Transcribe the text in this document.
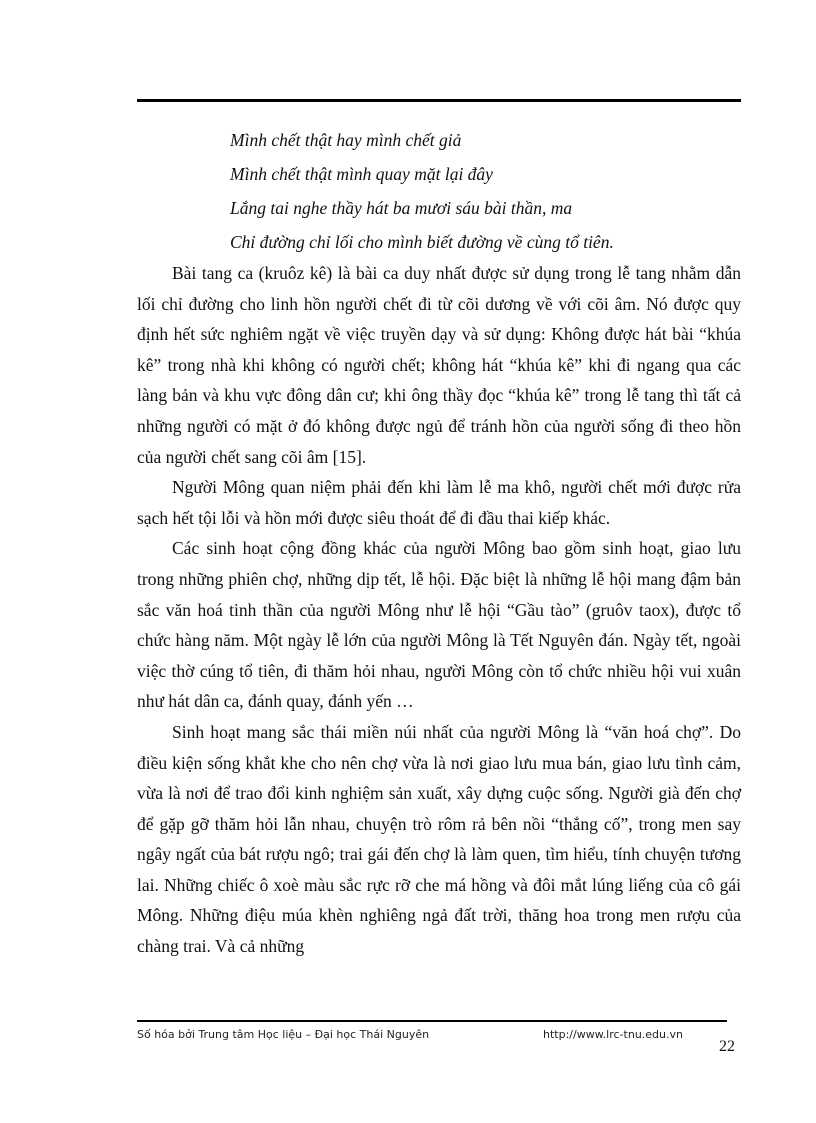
Mình chết thật hay mình chết giả
Mình chết thật mình quay mặt lại đây
Lắng tai nghe thầy hát ba mươi sáu bài thần, ma
Chỉ đường chỉ lối cho mình biết đường về cùng tổ tiên.

Bài tang ca (kruôz kê) là bài ca duy nhất được sử dụng trong lễ tang nhằm dẫn lối chỉ đường cho linh hồn người chết đi từ cõi dương về với cõi âm. Nó được quy định hết sức nghiêm ngặt về việc truyền dạy và sử dụng: Không được hát bài “khúa kê” trong nhà khi không có người chết; không hát “khúa kê” khi đi ngang qua các làng bản và khu vực đông dân cư; khi ông thầy đọc “khúa kê” trong lễ tang thì tất cả những người có mặt ở đó không được ngủ để tránh hồn của người sống đi theo hồn của người chết sang cõi âm [15].

Người Mông quan niệm phải đến khi làm lễ ma khô, người chết mới được rửa sạch hết tội lỗi và hồn mới được siêu thoát để đi đầu thai kiếp khác.

Các sinh hoạt cộng đồng khác của người Mông bao gồm sinh hoạt, giao lưu trong những phiên chợ, những dịp tết, lễ hội. Đặc biệt là những lễ hội mang đậm bản sắc văn hoá tinh thần của người Mông như lễ hội “Gầu tào” (gruôv taox), được tổ chức hàng năm. Một ngày lễ lớn của người Mông là Tết Nguyên đán. Ngày tết, ngoài việc thờ cúng tổ tiên, đi thăm hỏi nhau, người Mông còn tổ chức nhiều hội vui xuân như hát dân ca, đánh quay, đánh yến …

Sinh hoạt mang sắc thái miền núi nhất của người Mông là “văn hoá chợ”. Do điều kiện sống khắt khe cho nên chợ vừa là nơi giao lưu mua bán, giao lưu tình cảm, vừa là nơi để trao đổi kinh nghiệm sản xuất, xây dựng cuộc sống. Người già đến chợ để gặp gỡ thăm hỏi lẫn nhau, chuyện trò rôm rả bên nồi “thắng cố”, trong men say ngây ngất của bát rượu ngô; trai gái đến chợ là làm quen, tìm hiểu, tính chuyện tương lai. Những chiếc ô xoè màu sắc rực rỡ che má hồng và đôi mắt lúng liếng của cô gái Mông. Những điệu múa khèn nghiêng ngả đất trời, thăng hoa trong men rượu của chàng trai. Và cả những

Số hóa bởi Trung tâm Học liệu – Đại học Thái Nguyên	http://www.lrc-tnu.edu.vn
22
